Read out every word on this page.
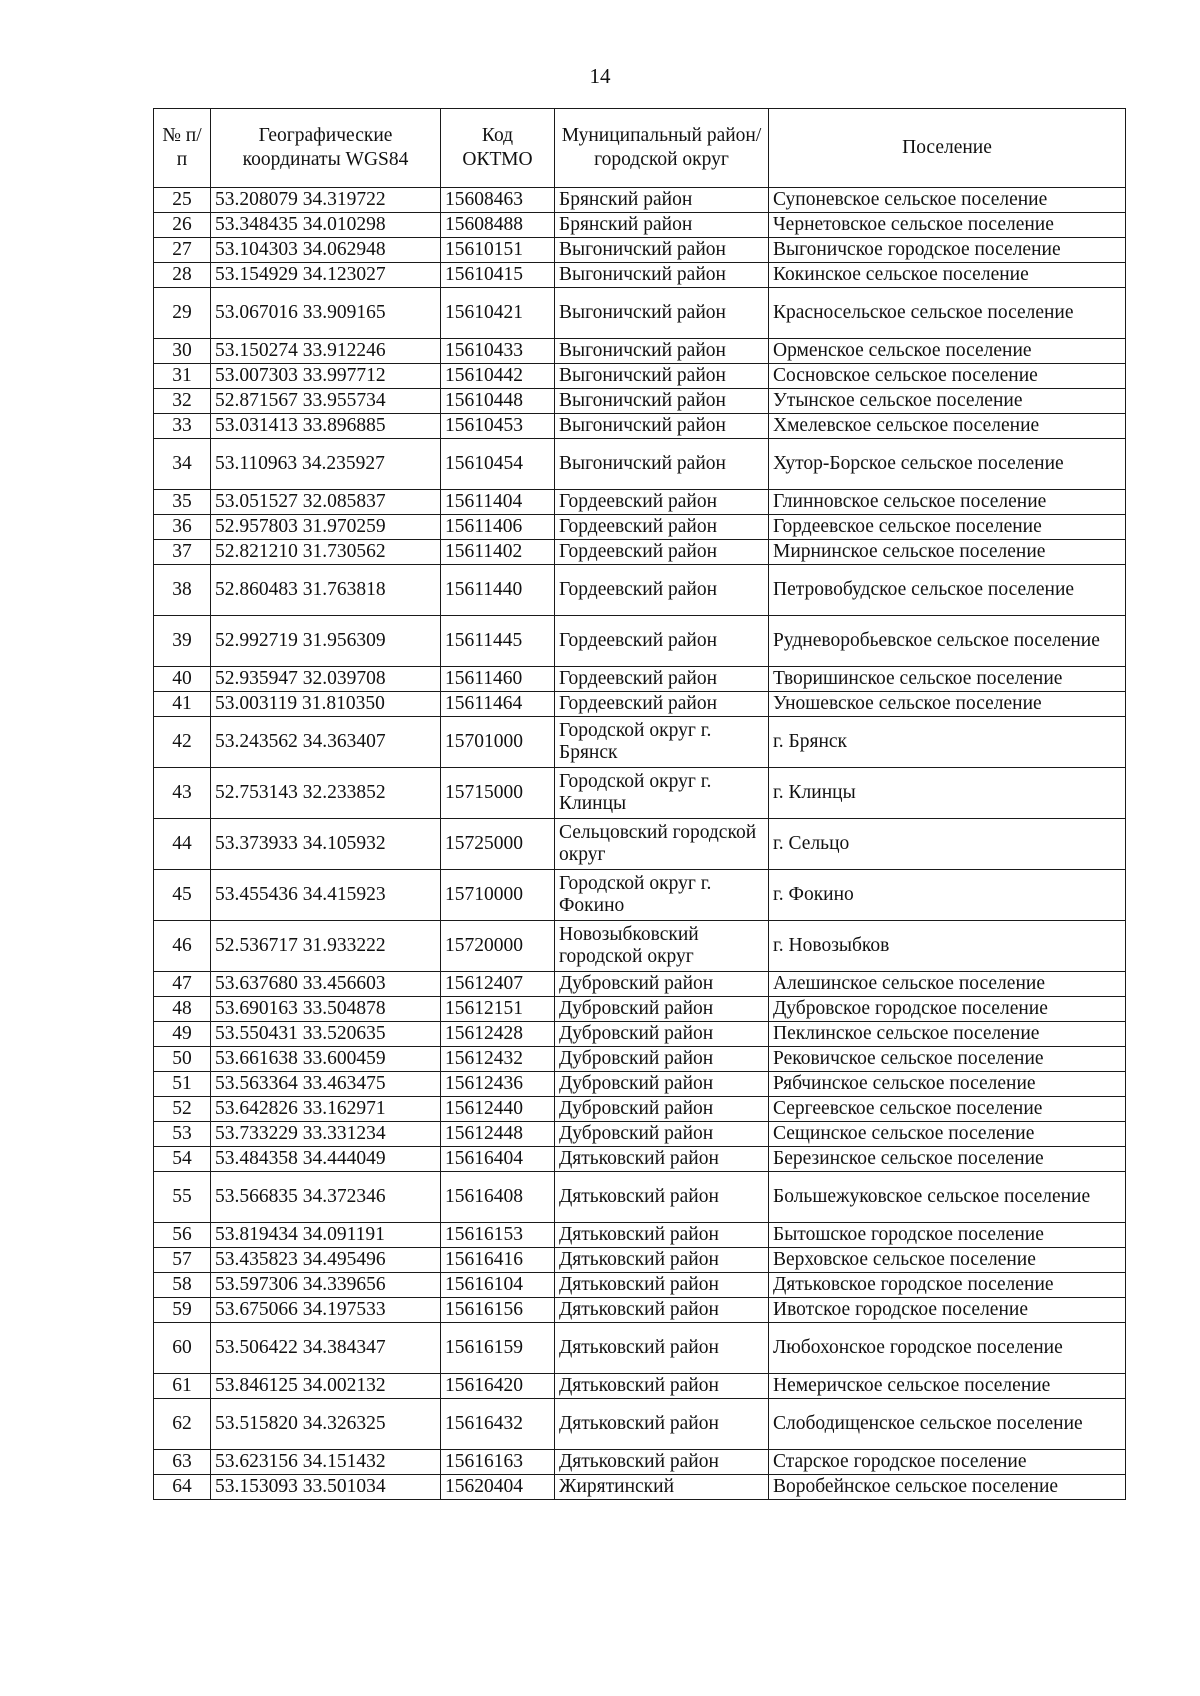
14
№ п/п	Географические координаты WGS84	Код ОКТМО	Муниципальный район/городской округ	Поселение
25	53.208079 34.319722	15608463	Брянский район	Супоневское сельское поселение
26	53.348435 34.010298	15608488	Брянский район	Чернетовское сельское поселение
27	53.104303 34.062948	15610151	Выгоничский район	Выгоничское городское поселение
28	53.154929 34.123027	15610415	Выгоничский район	Кокинское сельское поселение
29	53.067016 33.909165	15610421	Выгоничский район	Красносельское сельское поселение
30	53.150274 33.912246	15610433	Выгоничский район	Орменское сельское поселение
31	53.007303 33.997712	15610442	Выгоничский район	Сосновское сельское поселение
32	52.871567 33.955734	15610448	Выгоничский район	Утынское сельское поселение
33	53.031413 33.896885	15610453	Выгоничский район	Хмелевское сельское поселение
34	53.110963 34.235927	15610454	Выгоничский район	Хутор-Борское сельское поселение
35	53.051527 32.085837	15611404	Гордеевский район	Глинновское сельское поселение
36	52.957803 31.970259	15611406	Гордеевский район	Гордеевское сельское поселение
37	52.821210 31.730562	15611402	Гордеевский район	Мирнинское сельское поселение
38	52.860483 31.763818	15611440	Гордеевский район	Петровобудское сельское поселение
39	52.992719 31.956309	15611445	Гордеевский район	Рудневоробьевское сельское поселение
40	52.935947 32.039708	15611460	Гордеевский район	Творишинское сельское поселение
41	53.003119 31.810350	15611464	Гордеевский район	Уношевское сельское поселение
42	53.243562 34.363407	15701000	Городской округ г. Брянск	г. Брянск
43	52.753143 32.233852	15715000	Городской округ г. Клинцы	г. Клинцы
44	53.373933 34.105932	15725000	Сельцовский городской округ	г. Сельцо
45	53.455436 34.415923	15710000	Городской округ г. Фокино	г. Фокино
46	52.536717 31.933222	15720000	Новозыбковский городской округ	г. Новозыбков
47	53.637680 33.456603	15612407	Дубровский район	Алешинское сельское поселение
48	53.690163 33.504878	15612151	Дубровский район	Дубровское городское поселение
49	53.550431 33.520635	15612428	Дубровский район	Пеклинское сельское поселение
50	53.661638 33.600459	15612432	Дубровский район	Рековичское сельское поселение
51	53.563364 33.463475	15612436	Дубровский район	Рябчинское сельское поселение
52	53.642826 33.162971	15612440	Дубровский район	Сергеевское сельское поселение
53	53.733229 33.331234	15612448	Дубровский район	Сещинское сельское поселение
54	53.484358 34.444049	15616404	Дятьковский район	Березинское сельское поселение
55	53.566835 34.372346	15616408	Дятьковский район	Большежуковское сельское поселение
56	53.819434 34.091191	15616153	Дятьковский район	Бытошское городское поселение
57	53.435823 34.495496	15616416	Дятьковский район	Верховское сельское поселение
58	53.597306 34.339656	15616104	Дятьковский район	Дятьковское городское поселение
59	53.675066 34.197533	15616156	Дятьковский район	Ивотское городское поселение
60	53.506422 34.384347	15616159	Дятьковский район	Любохонское городское поселение
61	53.846125 34.002132	15616420	Дятьковский район	Немеричское сельское поселение
62	53.515820 34.326325	15616432	Дятьковский район	Слободищенское сельское поселение
63	53.623156 34.151432	15616163	Дятьковский район	Старское городское поселение
64	53.153093 33.501034	15620404	Жирятинский	Воробейнское сельское поселение
